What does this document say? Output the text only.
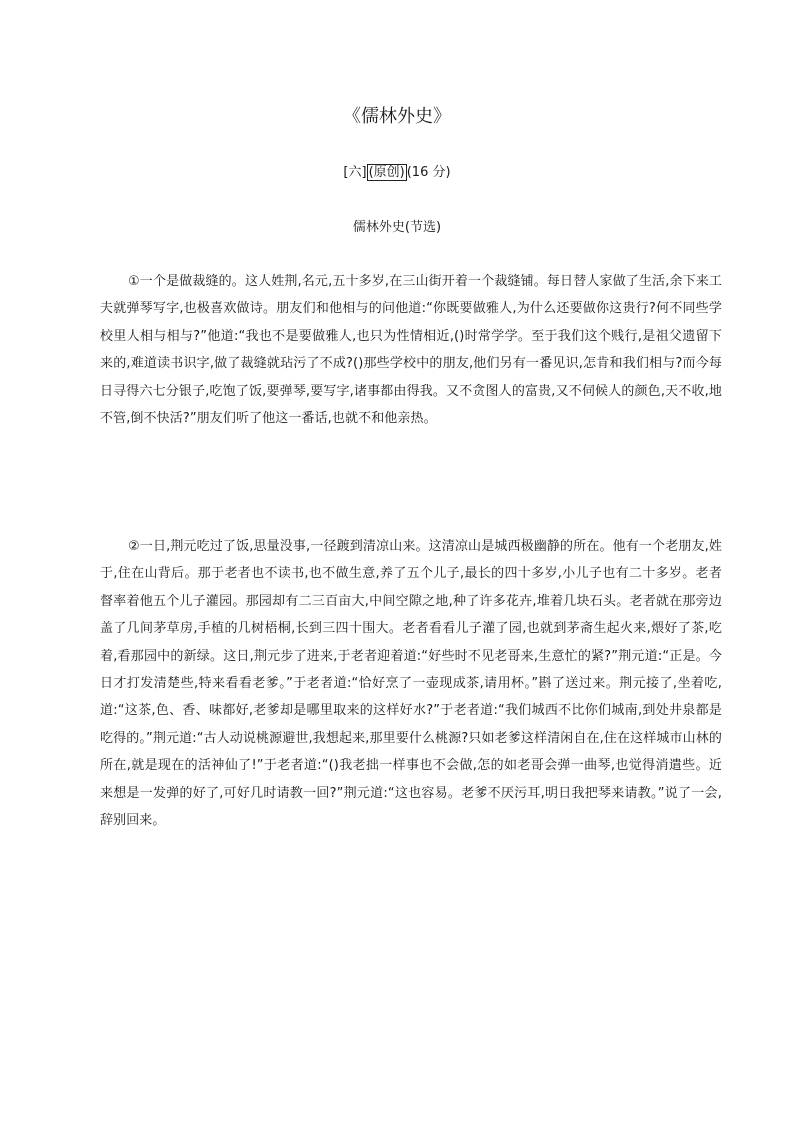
《儒林外史》
[六] (原创) (16 分)
儒林外史(节选)

①一个是做裁缝的。这人姓荆,名元,五十多岁,在三山街开着一个裁缝铺。每日替人家做了生活,余下来工夫就弹琴写字,也极喜欢做诗。朋友们和他相与的问他道:“你既要做雅人,为什么还要做你这贵行?何不同些学校里人相与相与?”他道:“我也不是要做雅人,也只为性情相近,()时常学学。至于我们这个贱行,是祖父遗留下来的,难道读书识字,做了裁缝就玷污了不成?()那些学校中的朋友,他们另有一番见识,怎肯和我们相与?而今每日寻得六七分银子,吃饱了饭,要弹琴,要写字,诸事都由得我。又不贪图人的富贵,又不伺候人的颜色,天不收,地不管,倒不快活?”朋友们听了他这一番话,也就不和他亲热。

②一日,荆元吃过了饭,思量没事,一径踱到清凉山来。这清凉山是城西极幽静的所在。他有一个老朋友,姓于,住在山背后。那于老者也不读书,也不做生意,养了五个儿子,最长的四十多岁,小儿子也有二十多岁。老者督率着他五个儿子灌园。那园却有二三百亩大,中间空隙之地,种了许多花卉,堆着几块石头。老者就在那旁边盖了几间茅草房,手植的几树梧桐,长到三四十围大。老者看看儿子灌了园,也就到茅斋生起火来,煨好了茶,吃着,看那园中的新绿。这日,荆元步了进来,于老者迎着道:“好些时不见老哥来,生意忙的紧?”荆元道:“正是。今日才打发清楚些,特来看看老爹。”于老者道:“恰好烹了一壶现成茶,请用杯。”斟了送过来。荆元接了,坐着吃,道:“这茶,色、香、味都好,老爹却是哪里取来的这样好水?”于老者道:“我们城西不比你们城南,到处井泉都是吃得的。”荆元道:“古人动说桃源避世,我想起来,那里要什么桃源?只如老爹这样清闲自在,住在这样城市山林的所在,就是现在的活神仙了!”于老者道:“()我老拙一样事也不会做,怎的如老哥会弹一曲琴,也觉得消遣些。近来想是一发弹的好了,可好几时请教一回?”荆元道:“这也容易。老爹不厌污耳,明日我把琴来请教。”说了一会,辞别回来。
